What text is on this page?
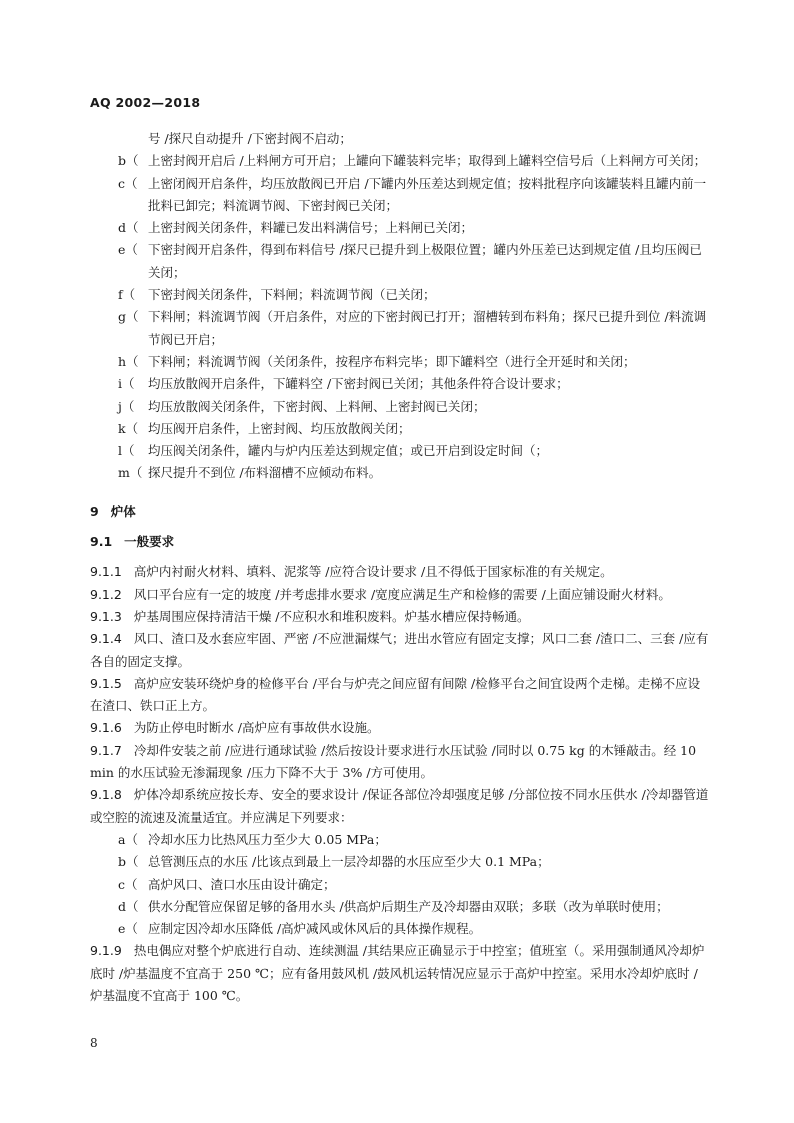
AQ 2002—2018
号 /探尺自动提升 /下密封阀不启动；
b（ 上密封阀开启后 /上料闸方可开启；上罐向下罐装料完毕；取得到上罐料空信号后（上料闸方可关闭；
c（ 上密闭阀开启条件，均压放散阀已开启 /下罐内外压差达到规定值；按料批程序向该罐装料且罐内前一批料已卸完；料流调节阀、下密封阀已关闭；
d（ 上密封阀关闭条件，料罐已发出料满信号；上料闸已关闭；
e（ 下密封阀开启条件，得到布料信号 /探尺已提升到上极限位置；罐内外压差已达到规定值 /且均压阀已关闭；
f（ 下密封阀关闭条件，下料闸；料流调节阀（已关闭；
g（ 下料闸；料流调节阀（开启条件，对应的下密封阀已打开；溜槽转到布料角；探尺已提升到位 /料流调节阀已开启；
h（ 下料闸；料流调节阀（关闭条件，按程序布料完毕；即下罐料空（进行全开延时和关闭；
i（ 均压放散阀开启条件，下罐料空 /下密封阀已关闭；其他条件符合设计要求；
j（ 均压放散阀关闭条件，下密封阀、上料闸、上密封阀已关闭；
k（ 均压阀开启条件，上密封阀、均压放散阀关闭；
l（ 均压阀关闭条件，罐内与炉内压差达到规定值；或已开启到设定时间（；
m（ 探尺提升不到位 /布料溜槽不应倾动布料。
9 炉体
9.1 一般要求
9.1.1 高炉内衬耐火材料、填料、泥浆等 /应符合设计要求 /且不得低于国家标准的有关规定。
9.1.2 风口平台应有一定的坡度 /并考虑排水要求 /宽度应满足生产和检修的需要 /上面应铺设耐火材料。
9.1.3 炉基周围应保持清洁干燥 /不应积水和堆积废料。炉基水槽应保持畅通。
9.1.4 风口、渣口及水套应牢固、严密 /不应泄漏煤气；进出水管应有固定支撑；风口二套 /渣口二、三套 /应有各自的固定支撑。
9.1.5 高炉应安装环绕炉身的检修平台 /平台与炉壳之间应留有间隙 /检修平台之间宜设两个走梯。走梯不应设在渣口、铁口正上方。
9.1.6 为防止停电时断水 /高炉应有事故供水设施。
9.1.7 冷却件安装之前 /应进行通球试验 /然后按设计要求进行水压试验 /同时以 0.75 kg 的木锤敲击。经 10 min 的水压试验无渗漏现象 /压力下降不大于 3% /方可使用。
9.1.8 炉体冷却系统应按长寿、安全的要求设计 /保证各部位冷却强度足够 /分部位按不同水压供水 /冷却器管道或空腔的流速及流量适宜。并应满足下列要求：
a（ 冷却水压力比热风压力至少大 0.05 MPa；
b（ 总管测压点的水压 /比该点到最上一层冷却器的水压应至少大 0.1 MPa；
c（ 高炉风口、渣口水压由设计确定；
d（ 供水分配管应保留足够的备用水头 /供高炉后期生产及冷却器由双联；多联（改为单联时使用；
e（ 应制定因冷却水压降低 /高炉减风或休风后的具体操作规程。
9.1.9 热电偶应对整个炉底进行自动、连续测温 /其结果应正确显示于中控室；值班室（。采用强制通风冷却炉底时 /炉基温度不宜高于 250 ℃；应有备用鼓风机 /鼓风机运转情况应显示于高炉中控室。采用水冷却炉底时 /炉基温度不宜高于 100 ℃。
8
